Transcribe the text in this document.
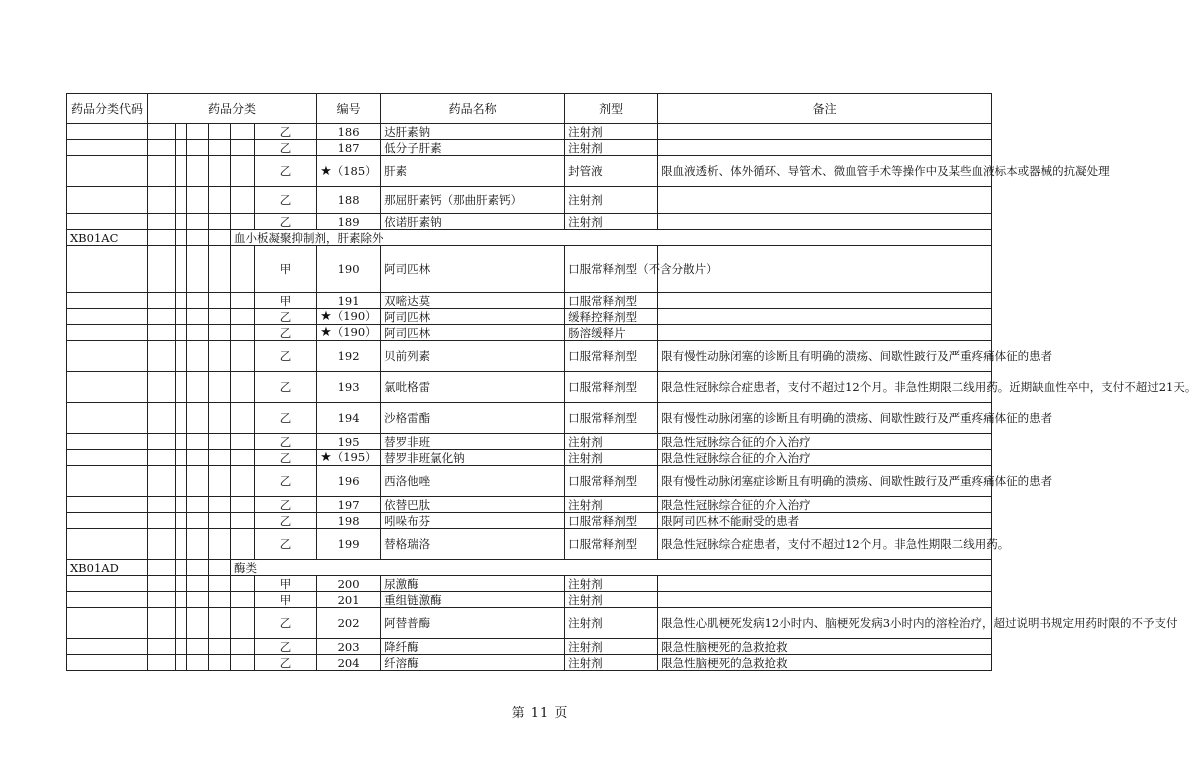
药品分类代码	药品分类						编号	药品名称	剂型	备注
						乙	186	达肝素钠	注射剂	
						乙	187	低分子肝素	注射剂	
						乙	★（185）	肝素	封管液	限血液透析、体外循环、导管术、微血管手术等操作中及某些血液标本或器械的抗凝处理
						乙	188	那屈肝素钙（那曲肝素钙）	注射剂	
						乙	189	依诺肝素钠	注射剂	
XB01AC					血小板凝聚抑制剂，肝素除外					
						甲	190	阿司匹林	口服常释剂型（不含分散片）	
						甲	191	双嘧达莫	口服常释剂型	
						乙	★（190）	阿司匹林	缓释控释剂型	
						乙	★（190）	阿司匹林	肠溶缓释片	
						乙	192	贝前列素	口服常释剂型	限有慢性动脉闭塞的诊断且有明确的溃疡、间歇性跛行及严重疼痛体征的患者
						乙	193	氯吡格雷	口服常释剂型	限急性冠脉综合症患者，支付不超过12个月。非急性期限二线用药。近期缺血性卒中，支付不超过21天。
						乙	194	沙格雷酯	口服常释剂型	限有慢性动脉闭塞的诊断且有明确的溃疡、间歇性跛行及严重疼痛体征的患者
						乙	195	替罗非班	注射剂	限急性冠脉综合征的介入治疗
						乙	★（195）	替罗非班氯化钠	注射剂	限急性冠脉综合征的介入治疗
						乙	196	西洛他唑	口服常释剂型	限有慢性动脉闭塞症诊断且有明确的溃疡、间歇性跛行及严重疼痛体征的患者
						乙	197	依替巴肽	注射剂	限急性冠脉综合征的介入治疗
						乙	198	吲哚布芬	口服常释剂型	限阿司匹林不能耐受的患者
						乙	199	替格瑞洛	口服常释剂型	限急性冠脉综合症患者，支付不超过12个月。非急性期限二线用药。
XB01AD					酶类					
						甲	200	尿激酶	注射剂	
						甲	201	重组链激酶	注射剂	
						乙	202	阿替普酶	注射剂	限急性心肌梗死发病12小时内、脑梗死发病3小时内的溶栓治疗，超过说明书规定用药时限的不予支付
						乙	203	降纤酶	注射剂	限急性脑梗死的急救抢救
						乙	204	纤溶酶	注射剂	限急性脑梗死的急救抢救
第 11 页
